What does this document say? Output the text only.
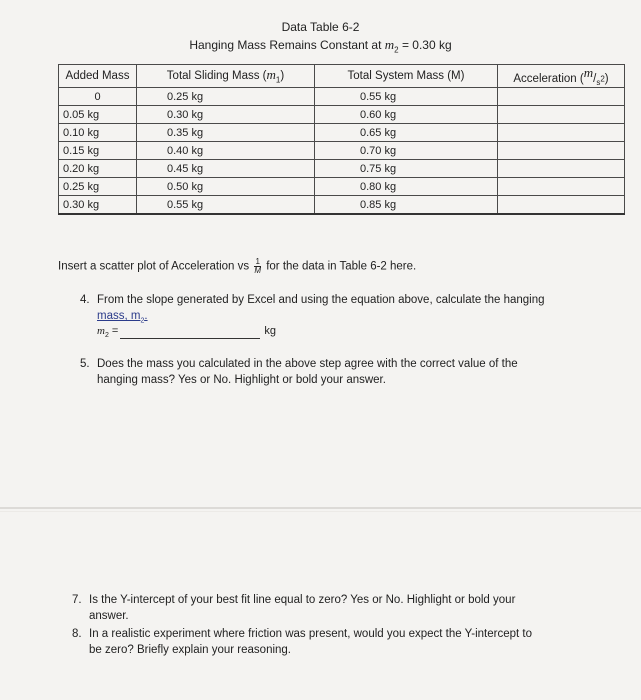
Data Table 6-2
Hanging Mass Remains Constant at $m_2 = 0.30$ kg
Added Mass	Total Sliding Mass $(m_1)$	Total System Mass (M)	Acceleration $(^m/_{s^2})$
0	0.25 kg	0.55 kg	
0.05 kg	0.30 kg	0.60 kg	
0.10 kg	0.35 kg	0.65 kg	
0.15 kg	0.40 kg	0.70 kg	
0.20 kg	0.45 kg	0.75 kg	
0.25 kg	0.50 kg	0.80 kg	
0.30 kg	0.55 kg	0.85 kg	
Insert a scatter plot of Acceleration vs $\frac{1}{M}$ for the data in Table 6-2 here.
4. From the slope generated by Excel and using the equation above, calculate the hanging
mass, $m_2$.
$m_2$ =	kg
5. Does the mass you calculated in the above step agree with the correct value of the
hanging mass? Yes or No. Highlight or bold your answer.
7. Is the Y-intercept of your best fit line equal to zero? Yes or No. Highlight or bold your
answer.
8. In a realistic experiment where friction was present, would you expect the Y-intercept to
be zero? Briefly explain your reasoning.
